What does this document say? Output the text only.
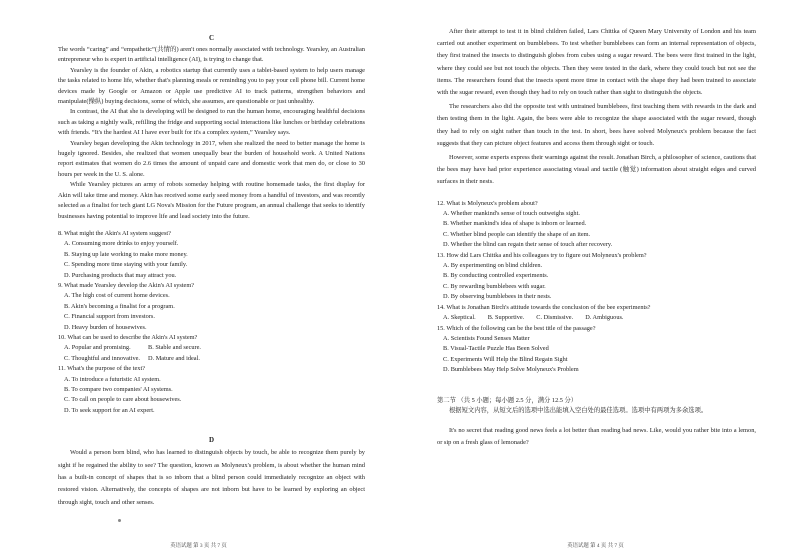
C

The words “caring” and “empathetic”(共情的) aren't ones normally associated with technology. Yearsley, an Australian entrepreneur who is expert in artificial intelligence (AI), is trying to change that.

Yearsley is the founder of Akin, a robotics startup that currently uses a tablet-based system to help users manage the tasks related to home life, whether that's planning meals or reminding you to pay your cell phone bill. Current home devices made by Google or Amazon or Apple use predictive AI to track patterns, strengthen behaviors and manipulate(操纵) buying decisions, some of which, she assumes, are questionable or just unhealthy.

In contrast, the AI that she is developing will be designed to run the human home, encouraging healthful decisions such as taking a nightly walk, refilling the fridge and supporting social interactions like lunches or birthday celebrations with friends. “It's the hardest AI I have ever built for it's a complex system,” Yearsley says.

Yearsley began developing the Akin technology in 2017, when she realized the need to better manage the home is hugely ignored. Besides, she realized that women unequally bear the burden of household work. A United Nations report estimates that women do 2.6 times the amount of unpaid care and domestic work that men do, or close to 30 hours per week in the U. S. alone.

While Yearsley pictures an army of robots someday helping with routine homemade tasks, the first display for Akin will take time and money. Akin has received some early seed money from a handful of investors, and was recently selected as a finalist for tech giant LG Nova's Mission for the Future program, an annual challenge that seeks to identify businesses having potential to improve life and lead society into the future.

8. What might the Akin's AI system suggest?
A. Consuming more drinks to enjoy yourself.
B. Staying up late working to make more money.
C. Spending more time staying with your family.
D. Purchasing products that may attract you.
9. What made Yearsley develop the Akin's AI system?
A. The high cost of current home devices.
B. Akin's becoming a finalist for a program.
C. Financial support from investors.
D. Heavy burden of housewives.
10. What can be used to describe the Akin's AI system?
A. Popular and promising.	B. Stable and secure.
C. Thoughtful and innovative.	D. Mature and ideal.
11. What's the purpose of the text?
A. To introduce a futuristic AI system.
B. To compare two companies' AI systems.
C. To call on people to care about housewives.
D. To seek support for an AI expert.
D

Would a person born blind, who has learned to distinguish objects by touch, be able to recognize them purely by sight if he regained the ability to see? The question, known as Molyneux's problem, is about whether the human mind has a built-in concept of shapes that is so inborn that a blind person could immediately recognize an object with restored vision. Alternatively, the concepts of shapes are not inborn but have to be learned by exploring an object through sight, touch and other senses.

英语试题 第 3 页 共 7 页

After their attempt to test it in blind children failed, Lars Chittka of Queen Mary University of London and his team carried out another experiment on bumblebees. To test whether bumblebees can form an internal representation of objects, they first trained the insects to distinguish globes from cubes using a sugar reward. The bees were first trained in the light, where they could see but not touch the objects. Then they were tested in the dark, where they could touch but not see the items. The researchers found that the insects spent more time in contact with the shape they had been trained to associate with the sugar reward, even though they had to rely on touch rather than sight to distinguish the objects.

The researchers also did the opposite test with untrained bumblebees, first teaching them with rewards in the dark and then testing them in the light. Again, the bees were able to recognize the shape associated with the sugar reward, though they had to rely on sight rather than touch in the test. In short, bees have solved Molyneux's problem because the fact suggests that they can picture object features and access them through sight or touch.

However, some experts express their warnings against the result. Jonathan Birch, a philosopher of science, cautions that the bees may have had prior experience associating visual and tactile (触觉) information about straight edges and curved surfaces in their nests.

12. What is Molyneux's problem about?
A. Whether mankind's sense of touch outweighs sight.
B. Whether mankind's idea of shape is inborn or learned.
C. Whether blind people can identify the shape of an item.
D. Whether the blind can regain their sense of touch after recovery.
13. How did Lars Chittka and his colleagues try to figure out Molyneux's problem?
A. By experimenting on blind children.
B. By conducting controlled experiments.
C. By rewarding bumblebees with sugar.
D. By observing bumblebees in their nests.
14. What is Jonathan Birch's attitude towards the conclusion of the bee experiments?
A. Skeptical. B. Supportive. C. Dismissive. D. Ambiguous.
15. Which of the following can be the best title of the passage?
A. Scientists Found Senses Matter
B. Visual-Tactile Puzzle Has Been Solved
C. Experiments Will Help the Blind Regain Sight
D. Bumblebees May Help Solve Molyneux's Problem
第二节 （共 5 小题；每小题 2.5 分，满分 12.5 分）
根据短文内容，从短文后的选项中选出能填入空白处的最佳选项。选项中有两项为多余选项。

It's no secret that reading good news feels a lot better than reading bad news. Like, would you rather bite into a lemon, or sip on a fresh glass of lemonade?

英语试题 第 4 页 共 7 页
